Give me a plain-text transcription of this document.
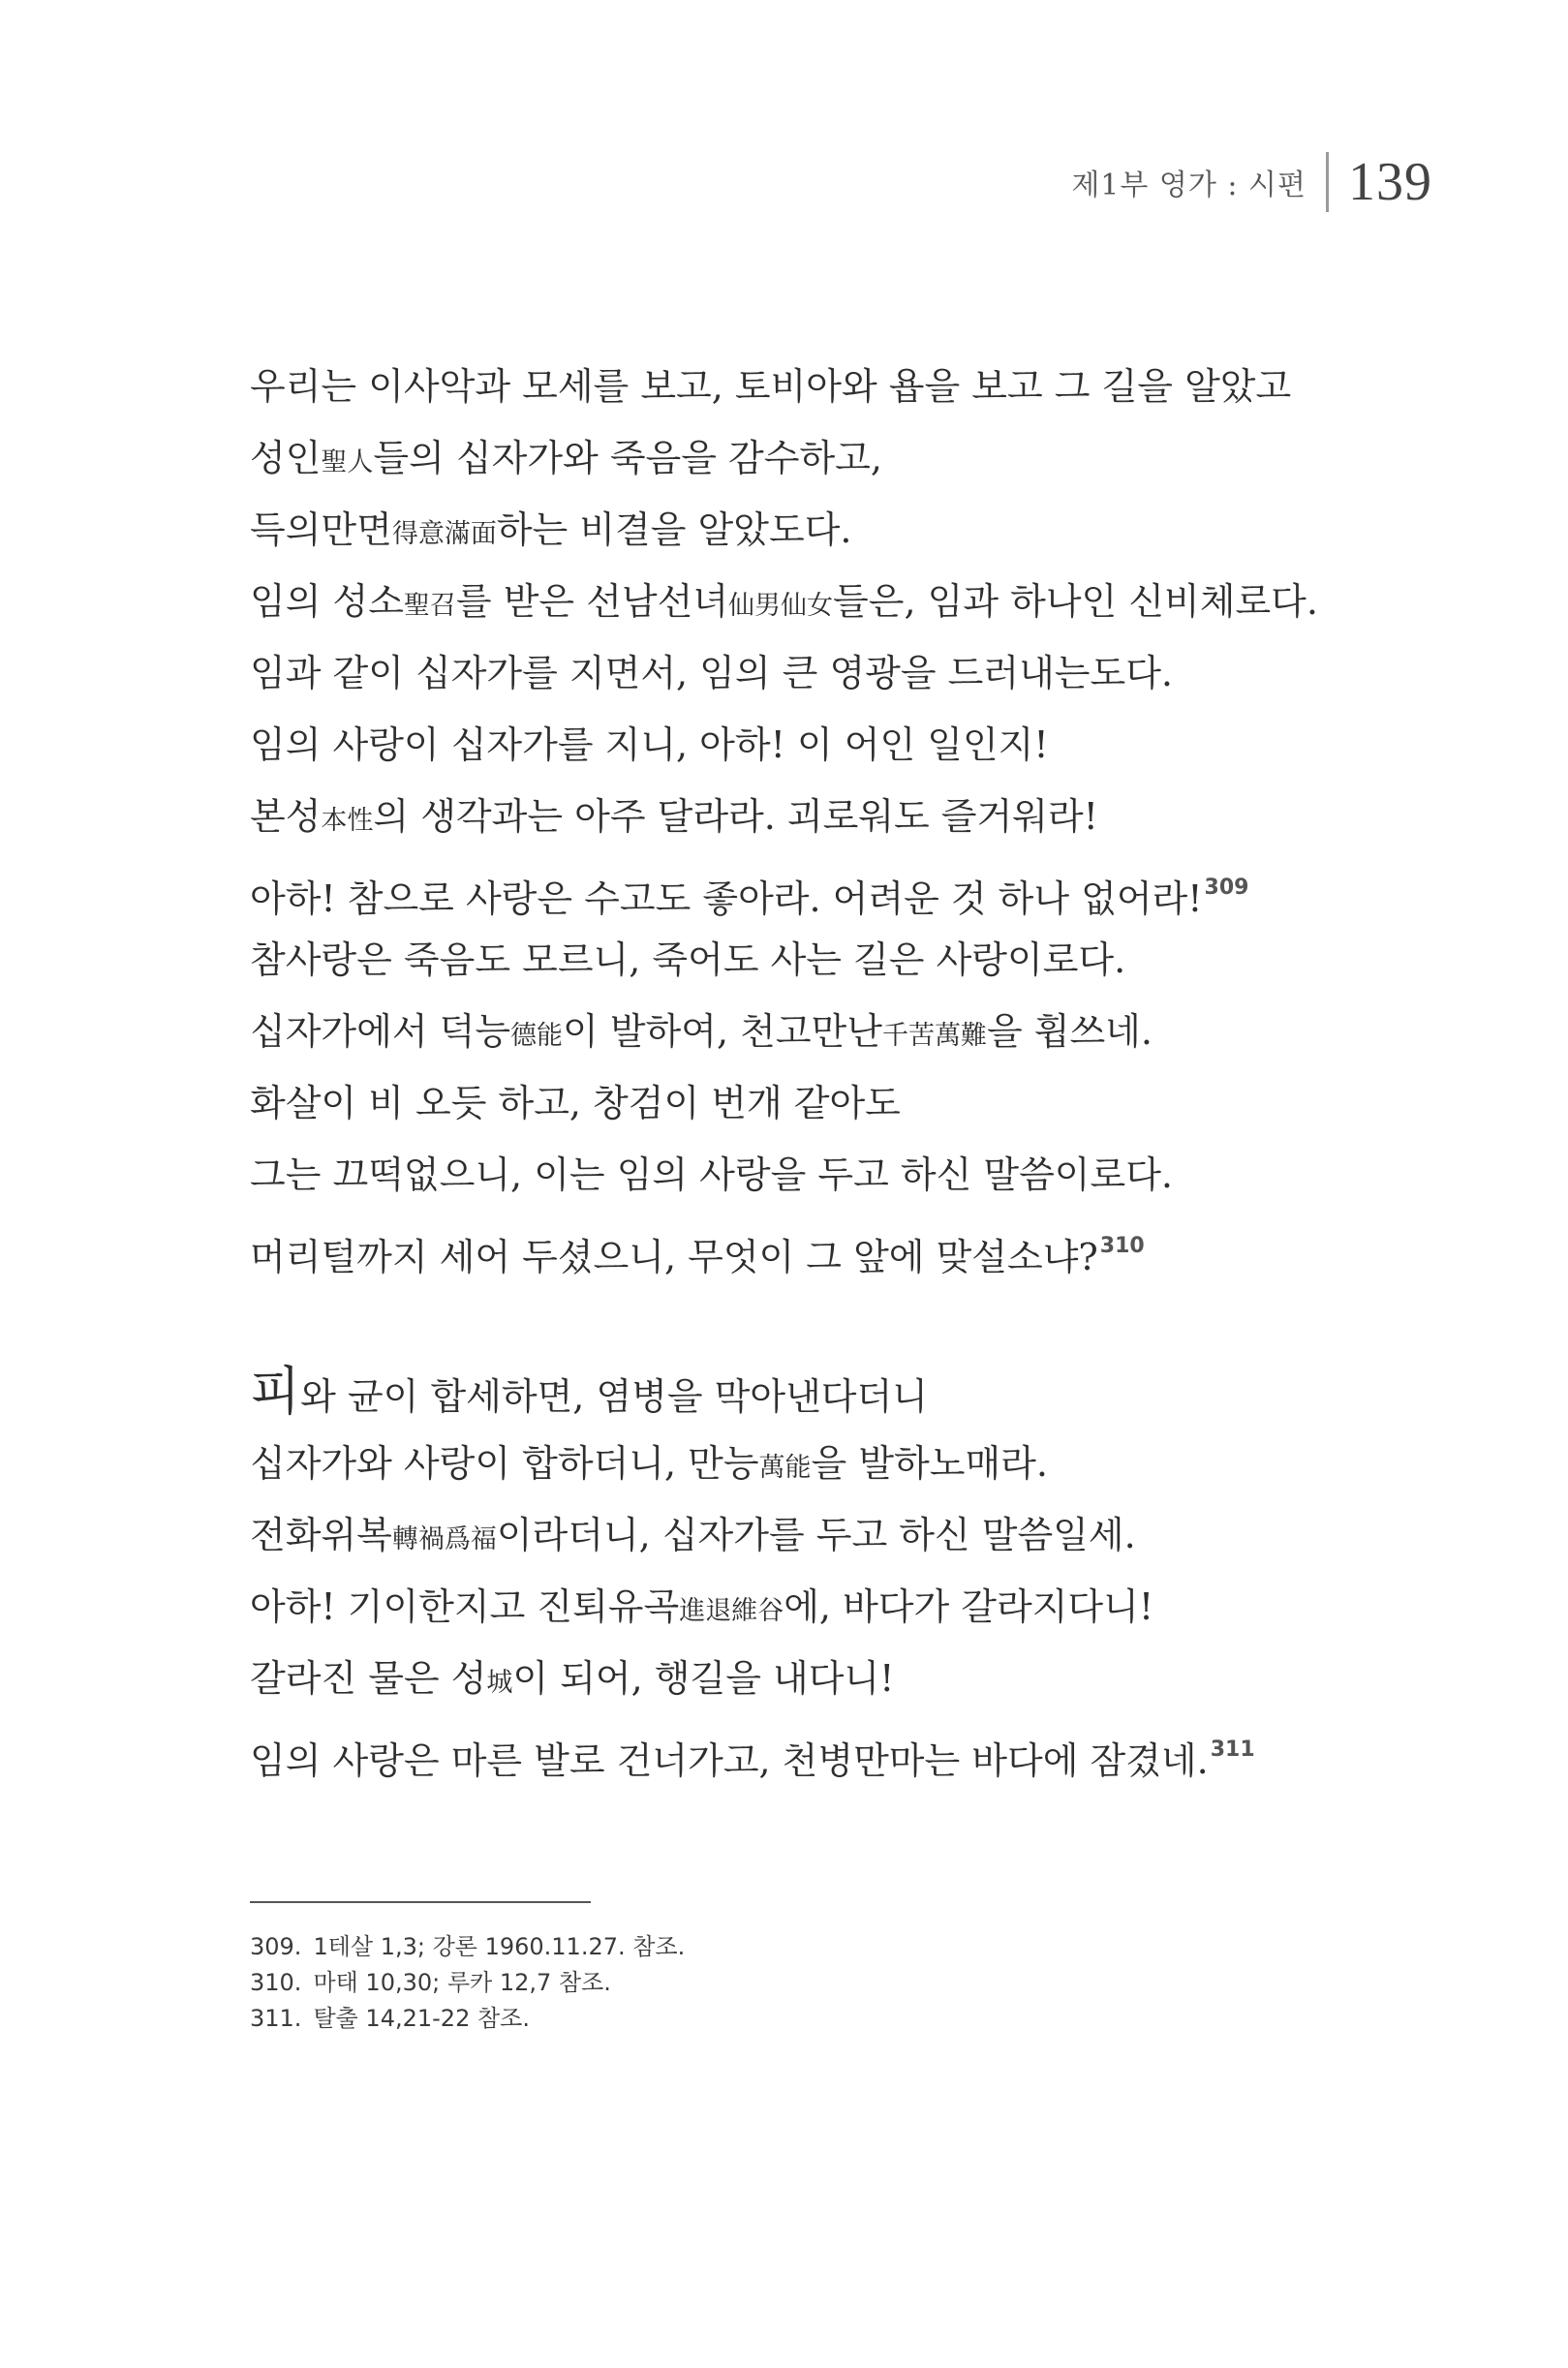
제1부 영가 : 시편 139
우리는 이사악과 모세를 보고, 토비아와 욥을 보고 그 길을 알았고
성인聖人들의 십자가와 죽음을 감수하고,
득의만면得意滿面하는 비결을 알았도다.
임의 성소聖召를 받은 선남선녀仙男仙女들은, 임과 하나인 신비체로다.
임과 같이 십자가를 지면서, 임의 큰 영광을 드러내는도다.
임의 사랑이 십자가를 지니, 아하! 이 어인 일인지!
본성本性의 생각과는 아주 달라라. 괴로워도 즐거워라!
아하! 참으로 사랑은 수고도 좋아라. 어려운 것 하나 없어라!$^{309}$
참사랑은 죽음도 모르니, 죽어도 사는 길은 사랑이로다.
십자가에서 덕능德能이 발하여, 천고만난千苦萬難을 휩쓰네.
화살이 비 오듯 하고, 창검이 번개 같아도
그는 끄떡없으니, 이는 임의 사랑을 두고 하신 말씀이로다.
머리털까지 세어 두셨으니, 무엇이 그 앞에 맞설소냐?$^{310}$
피와 균이 합세하면, 염병을 막아낸다더니
십자가와 사랑이 합하더니, 만능萬能을 발하노매라.
전화위복轉禍爲福이라더니, 십자가를 두고 하신 말씀일세.
아하! 기이한지고 진퇴유곡進退維谷에, 바다가 갈라지다니!
갈라진 물은 성城이 되어, 행길을 내다니!
임의 사랑은 마른 발로 건너가고, 천병만마는 바다에 잠겼네.$^{311}$
309. 1테살 1,3; 강론 1960.11.27. 참조.
310. 마태 10,30; 루카 12,7 참조.
311. 탈출 14,21-22 참조.
